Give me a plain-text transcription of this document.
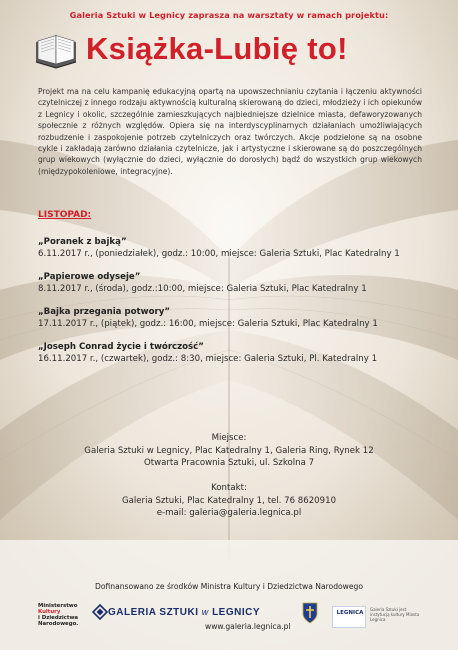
Galeria Sztuki w Legnicy zaprasza na warsztaty w ramach projektu:
Książka-Lubię to!

Projekt ma na celu kampanię edukacyjną opartą na upowszechnianiu czytania i łączeniu aktywności czytelniczej z innego rodzaju aktywnością kulturalną skierowaną do dzieci, młodzieży i ich opiekunów z Legnicy i okolic, szczególnie zamieszkujących najbiedniejsze dzielnice miasta, defaworyzowanych społecznie z różnych względów. Opiera się na interdyscyplinarnych działaniach umożliwiających rozbudzenie i zaspokojenie potrzeb czytelniczych oraz twórczych. Akcje podzielone są na osobne cykle i zakładają zarówno działania czytelnicze, jak i artystyczne i skierowane są do poszczególnych grup wiekowych (wyłącznie do dzieci, wyłącznie do dorosłych) bądź do wszystkich grup wiekowych (międzypokoleniowe, integracyjne).

LISTOPAD:
„Poranek z bajką”
6.11.2017 r., (poniedziałek), godz.: 10:00, miejsce: Galeria Sztuki, Plac Katedralny 1
„Papierowe odyseje”
8.11.2017 r., (środa), godz.:10:00, miejsce: Galeria Sztuki, Plac Katedralny 1
„Bajka przegania potwory”
17.11.2017 r., (piątek), godz.: 16:00, miejsce: Galeria Sztuki, Plac Katedralny 1
„Joseph Conrad życie i twórczość”
16.11.2017 r., (czwartek), godz.: 8:30, miejsce: Galeria Sztuki, Pl. Katedralny 1
Miejsce:
Galeria Sztuki w Legnicy, Plac Katedralny 1, Galeria Ring, Rynek 12
Otwarta Pracownia Sztuki, ul. Szkolna 7
Kontakt:
Galeria Sztuki, Plac Katedralny 1, tel. 76 8620910
e-mail: galeria@galeria.legnica.pl
Dofinansowano ze środków Ministra Kultury i Dziedzictwa Narodowego
Ministerstwo
Kultury
i Dziedzictwa
Narodowego.
GALERIA SZTUKI w LEGNICY
www.galeria.legnica.pl
LEGNICA
Galeria Sztuki jest instytucją kultury Miasta Legnica
